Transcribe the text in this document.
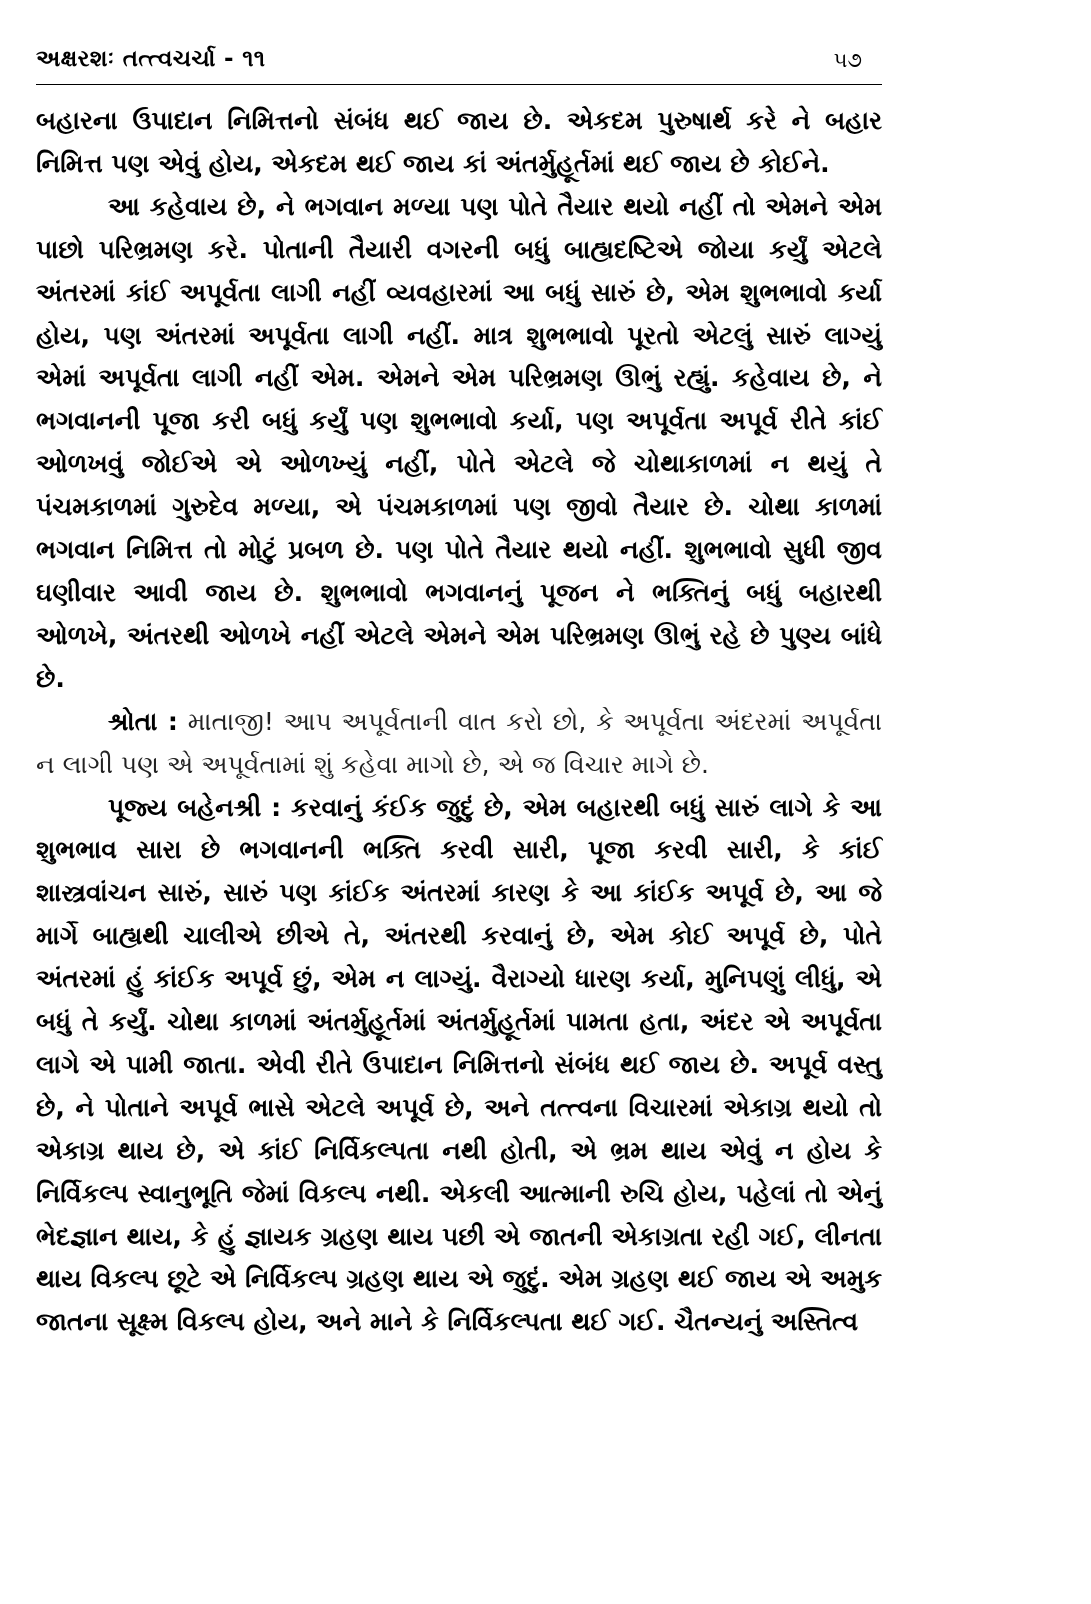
અક્ષરશઃ તત્ત્વચર્ચા - ૧૧	૫૭

બહારના ઉપાદાન નિમિત્તનો સંબંધ થઈ જાય છે. એકદમ પુરુષાર્થ કરે ને બહાર નિમિત્ત પણ એવું હોય, એકદમ થઈ જાય કાં અંતર્મુહૂર્તમાં થઈ જાય છે કોઈને.

આ કહેવાય છે, ને ભગવાન મળ્યા પણ પોતે તૈયાર થયો નહીં તો એમને એમ પાછો પરિભ્રમણ કરે. પોતાની તૈયારી વગરની બધું બાહ્યદષ્ટિએ જોયા કર્યું એટલે અંતરમાં કાંઈ અપૂર્વતા લાગી નહીં વ્યવહારમાં આ બધું સારું છે, એમ શુભભાવો કર્યા હોય, પણ અંતરમાં અપૂર્વતા લાગી નહીં. માત્ર શુભભાવો પૂરતો એટલું સારું લાગ્યું એમાં અપૂર્વતા લાગી નહીં એમ. એમને એમ પરિભ્રમણ ઊભું રહ્યું. કહેવાય છે, ને ભગવાનની પૂજા કરી બધું કર્યું પણ શુભભાવો કર્યા, પણ અપૂર્વતા અપૂર્વ રીતે કાંઈ ઓળખવું જોઈએ એ ઓળખ્યું નહીં, પોતે એટલે જે ચોથાકાળમાં ન થયું તે પંચમકાળમાં ગુરુદેવ મળ્યા, એ પંચમકાળમાં પણ જીવો તૈયાર છે. ચોથા કાળમાં ભગવાન નિમિત્ત તો મોટું પ્રબળ છે. પણ પોતે તૈયાર થયો નહીં. શુભભાવો સુધી જીવ ઘણીવાર આવી જાય છે. શુભભાવો ભગવાનનું પૂજન ને ભક્તિનું બધું બહારથી ઓળખે, અંતરથી ઓળખે નહીં એટલે એમને એમ પરિભ્રમણ ઊભું રહે છે પુણ્ય બાંધે છે.

શ્રોતા : માતાજી! આપ અપૂર્વતાની વાત કરો છો, કે અપૂર્વતા અંદરમાં અપૂર્વતા ન લાગી પણ એ અપૂર્વતામાં શું કહેવા માગો છે, એ જ વિચાર માગે છે.

પૂજ્ય બહેનશ્રી : કરવાનું કંઈક જુદું છે, એમ બહારથી બધું સારું લાગે કે આ શુભભાવ સારા છે ભગવાનની ભક્તિ કરવી સારી, પૂજા કરવી સારી, કે કાંઈ શાસ્ત્રવાંચન સારું, સારું પણ કાંઈક અંતરમાં કારણ કે આ કાંઈક અપૂર્વ છે, આ જે માર્ગે બાહ્યથી ચાલીએ છીએ તે, અંતરથી કરવાનું છે, એમ કોઈ અપૂર્વ છે, પોતે અંતરમાં હું કાંઈક અપૂર્વ છું, એમ ન લાગ્યું. વૈરાગ્યો ધારણ કર્યા, મુનિપણું લીધું, એ બધું તે કર્યું. ચોથા કાળમાં અંતર્મુહૂર્તમાં અંતર્મુહૂર્તમાં પામતા હતા, અંદર એ અપૂર્વતા લાગે એ પામી જાતા. એવી રીતે ઉપાદાન નિમિત્તનો સંબંધ થઈ જાય છે. અપૂર્વ વસ્તુ છે, ને પોતાને અપૂર્વ ભાસે એટલે અપૂર્વ છે, અને તત્ત્વના વિચારમાં એકાગ્ર થયો તો એકાગ્ર થાય છે, એ કાંઈ નિર્વિકલ્પતા નથી હોતી, એ ભ્રમ થાય એવું ન હોય કે નિર્વિકલ્પ સ્વાનુભૂતિ જેમાં વિકલ્પ નથી. એકલી આત્માની રુચિ હોય, પહેલાં તો એનું ભેદજ્ઞાન થાય, કે હું જ્ઞાયક ગ્રહણ થાય પછી એ જાતની એકાગ્રતા રહી ગઈ, લીનતા થાય વિકલ્પ છૂટે એ નિર્વિકલ્પ ગ્રહણ થાય એ જુદું. એમ ગ્રહણ થઈ જાય એ અમુક જાતના સૂક્ષ્મ વિકલ્પ હોય, અને માને કે નિર્વિકલ્પતા થઈ ગઈ. ચૈતન્યનું અસ્તિત્વ
